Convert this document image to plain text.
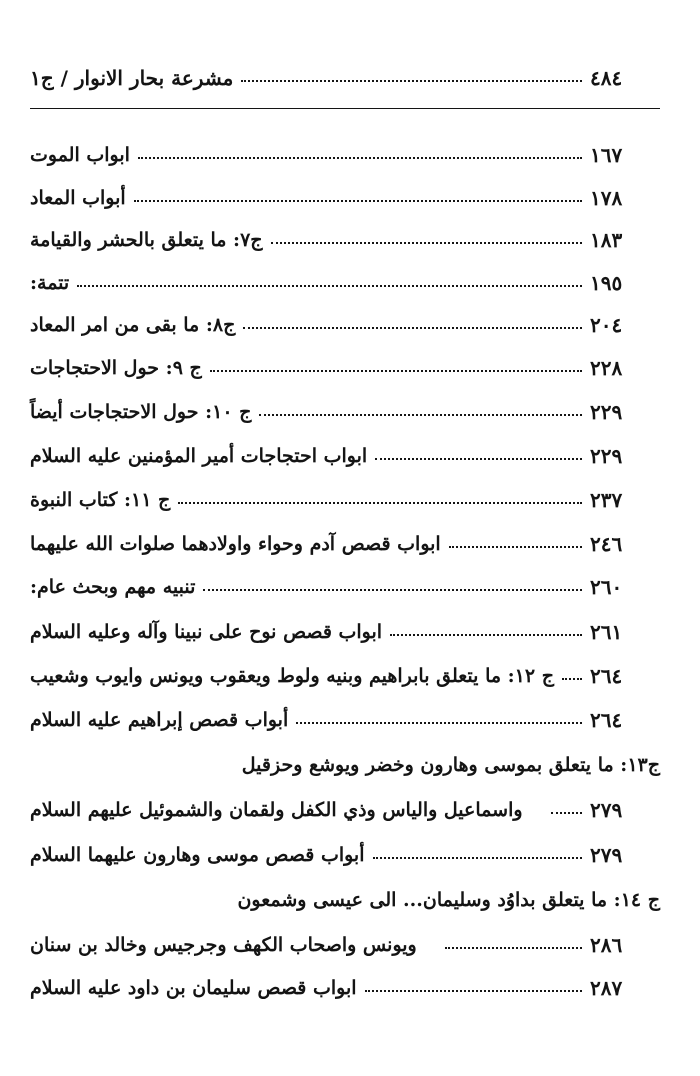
مشرعة بحار الانوار / ج١	٤٨٤
ابواب الموت	١٦٧
أبواب المعاد	١٧٨
ج٧: ما يتعلق بالحشر والقيامة	١٨٣
تتمة:	١٩٥
ج٨: ما بقى من امر المعاد	٢٠٤
ج ٩: حول الاحتجاجات	٢٢٨
ج ١٠: حول الاحتجاجات أيضاً	٢٢٩
ابواب احتجاجات أمير المؤمنين عليه السلام	٢٢٩
ج ١١: كتاب النبوة	٢٣٧
ابواب قصص آدم وحواء واولادهما صلوات الله عليهما	٢٤٦
تنبيه مهم وبحث عام:	٢٦٠
ابواب قصص نوح على نبينا وآله وعليه السلام	٢٦١
ج ١٢: ما يتعلق بابراهيم وبنيه ولوط ويعقوب ويونس وايوب وشعيب ٢٦٤
أبواب قصص إبراهيم عليه السلام	٢٦٤
ج١٣: ما يتعلق بموسى وهارون وخضر ويوشع وحزقيل
واسماعيل والياس وذي الكفل ولقمان والشموئيل عليهم السلام	٢٧٩
أبواب قصص موسى وهارون عليهما السلام	٢٧٩
ج ١٤: ما يتعلق بداوُد وسليمان... الى عيسى وشمعون
ويونس واصحاب الكهف وجرجيس وخالد بن سنان	٢٨٦
ابواب قصص سليمان بن داود عليه السلام	٢٨٧
